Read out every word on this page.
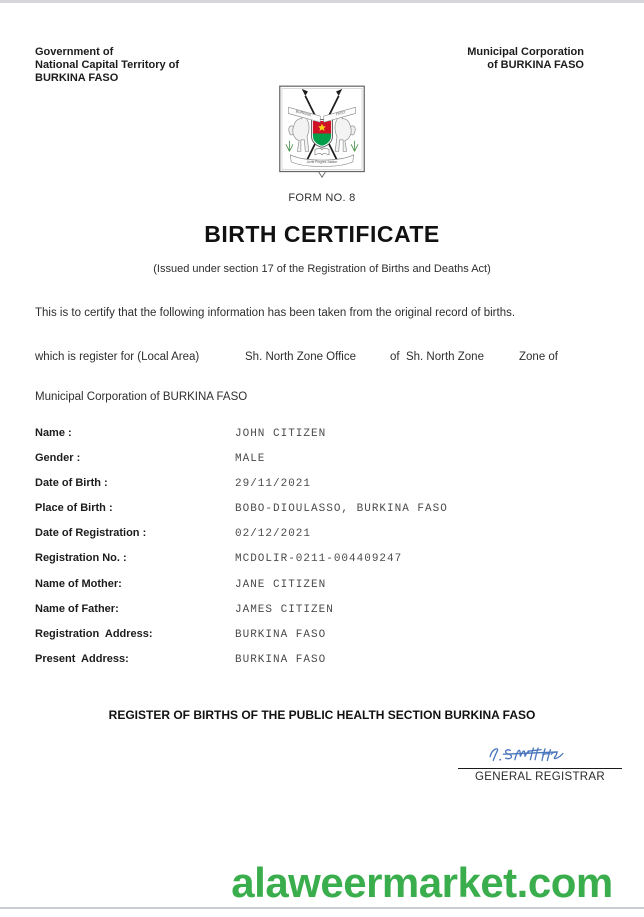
Government of
National Capital Territory of
BURKINA FASO
Municipal Corporation
of BURKINA FASO
BURKINA	FASO
Unité Progrès Justice
FORM NO. 8
BIRTH CERTIFICATE
(Issued under section 17 of the Registration of Births and Deaths Act)
This is to certify that the following information has been taken from the original record of births.
which is register for (Local Area)	Sh. North Zone Office	of  Sh. North Zone	Zone of
Municipal Corporation of BURKINA FASO
Name :	JOHN CITIZEN
Gender :	MALE
Date of Birth :	29/11/2021
Place of Birth :	BOBO-DIOULASSO, BURKINA FASO
Date of Registration :	02/12/2021
Registration No. :	MCDOLIR-0211-004409247
Name of Mother:	JANE CITIZEN
Name of Father:	JAMES CITIZEN
Registration  Address:	BURKINA FASO
Present  Address:	BURKINA FASO
REGISTER OF BIRTHS OF THE PUBLIC HEALTH SECTION BURKINA FASO
GENERAL REGISTRAR
alaweermarket.com
